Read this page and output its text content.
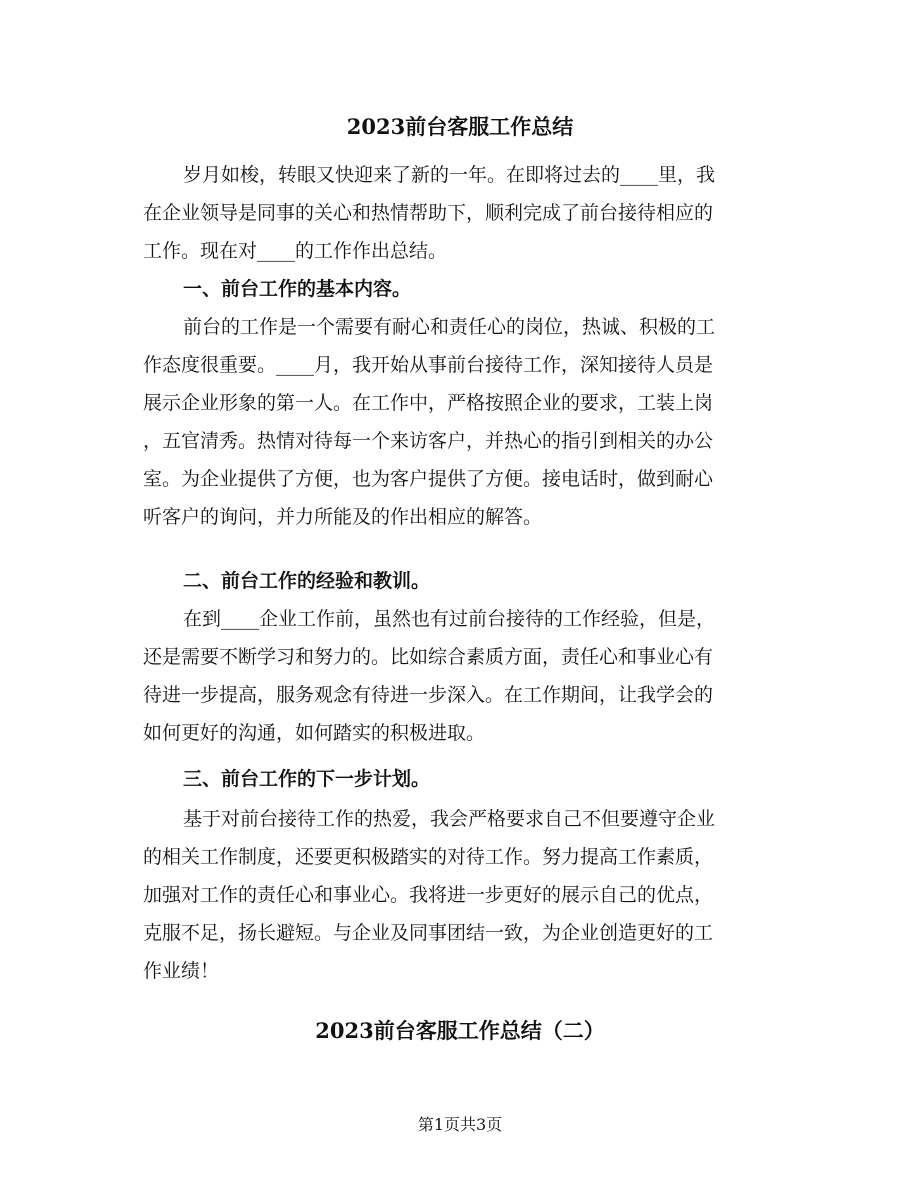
2023前台客服工作总结
岁月如梭，转眼又快迎来了新的一年。在即将过去的____里，我
在企业领导是同事的关心和热情帮助下，顺利完成了前台接待相应的
工作。现在对____的工作作出总结。
一、前台工作的基本内容。
前台的工作是一个需要有耐心和责任心的岗位，热诚、积极的工
作态度很重要。____月，我开始从事前台接待工作，深知接待人员是
展示企业形象的第一人。在工作中，严格按照企业的要求，工装上岗
，五官清秀。热情对待每一个来访客户，并热心的指引到相关的办公
室。为企业提供了方便，也为客户提供了方便。接电话时，做到耐心
听客户的询问，并力所能及的作出相应的解答。
二、前台工作的经验和教训。
在到____企业工作前，虽然也有过前台接待的工作经验，但是，
还是需要不断学习和努力的。比如综合素质方面，责任心和事业心有
待进一步提高，服务观念有待进一步深入。在工作期间，让我学会的
如何更好的沟通，如何踏实的积极进取。
三、前台工作的下一步计划。
基于对前台接待工作的热爱，我会严格要求自己不但要遵守企业
的相关工作制度，还要更积极踏实的对待工作。努力提高工作素质，
加强对工作的责任心和事业心。我将进一步更好的展示自己的优点，
克服不足，扬长避短。与企业及同事团结一致，为企业创造更好的工
作业绩！
2023前台客服工作总结（二）
第1页共3页
